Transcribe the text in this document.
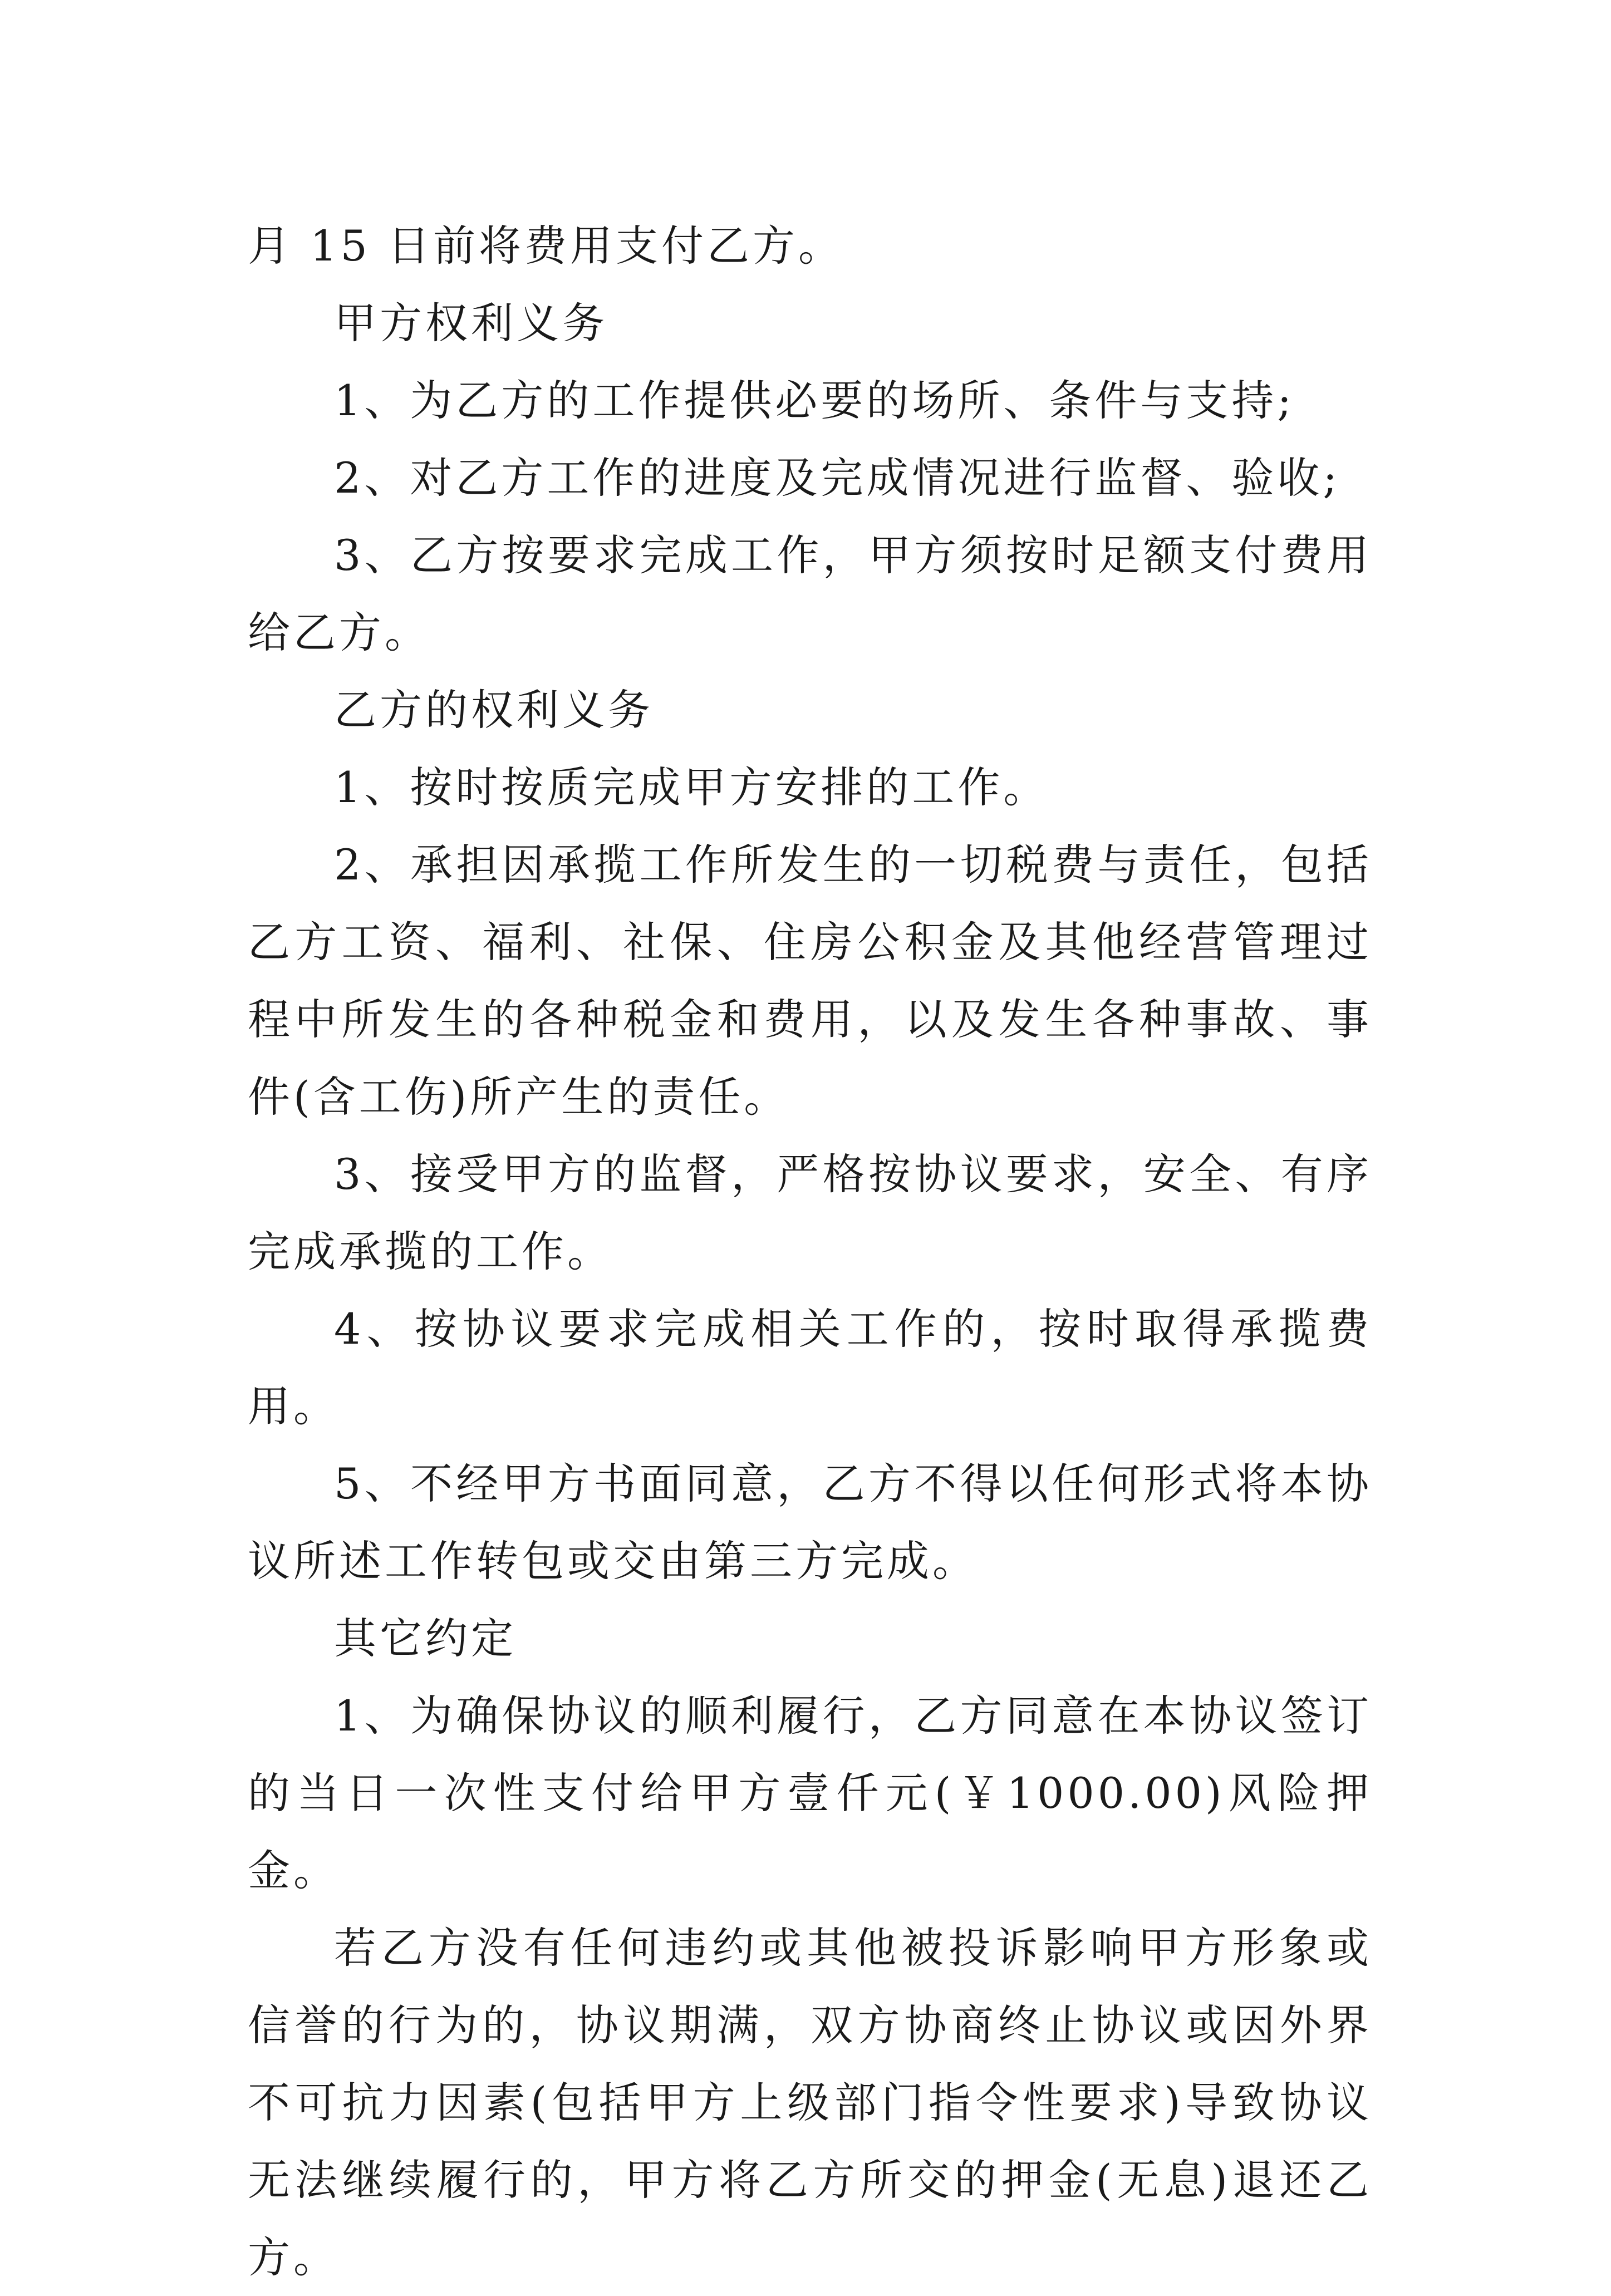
月 15 日前将费用支付乙方。

甲方权利义务

1、为乙方的工作提供必要的场所、条件与支持;

2、对乙方工作的进度及完成情况进行监督、验收;

3、乙方按要求完成工作，甲方须按时足额支付费用给乙方。

乙方的权利义务

1、按时按质完成甲方安排的工作。

2、承担因承揽工作所发生的一切税费与责任，包括乙方工资、福利、社保、住房公积金及其他经营管理过程中所发生的各种税金和费用，以及发生各种事故、事件(含工伤)所产生的责任。

3、接受甲方的监督，严格按协议要求，安全、有序完成承揽的工作。

4、按协议要求完成相关工作的，按时取得承揽费用。

5、不经甲方书面同意，乙方不得以任何形式将本协议所述工作转包或交由第三方完成。

其它约定

1、为确保协议的顺利履行，乙方同意在本协议签订的当日一次性支付给甲方壹仟元(￥1000.00)风险押金。

若乙方没有任何违约或其他被投诉影响甲方形象或信誉的行为的，协议期满，双方协商终止协议或因外界不可抗力因素(包括甲方上级部门指令性要求)导致协议无法继续履行的，甲方将乙方所交的押金(无息)退还乙方。
